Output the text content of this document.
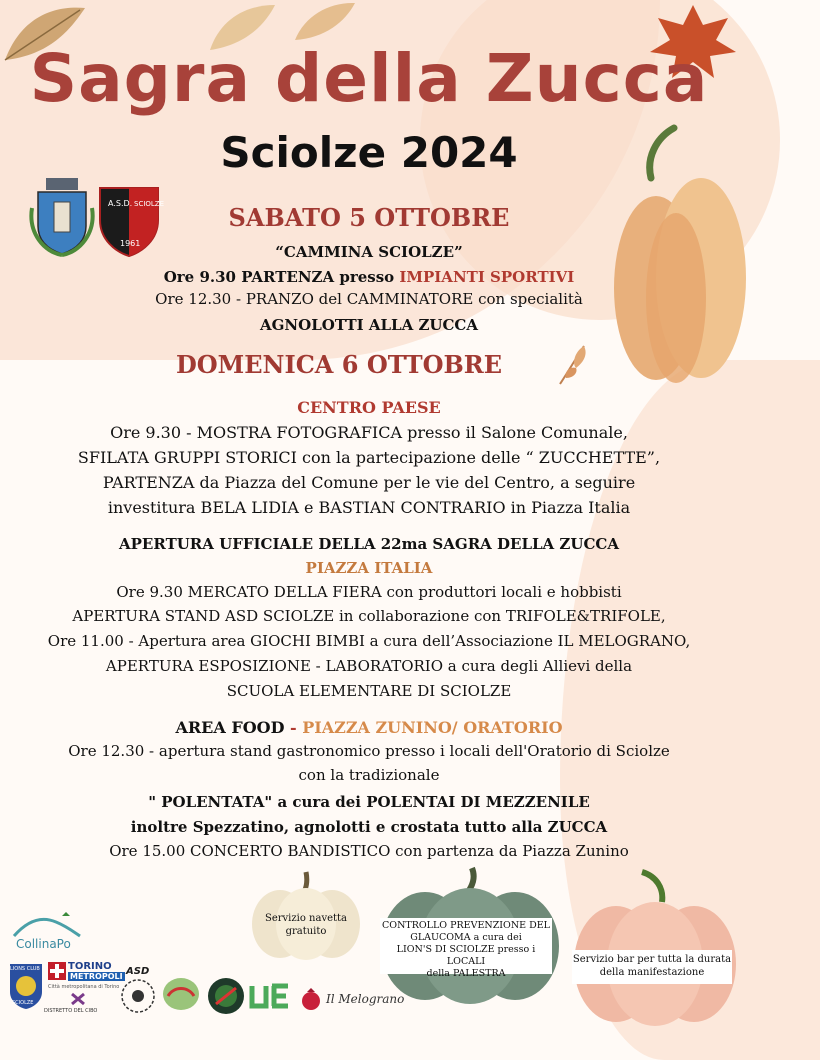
Sagra della Zucca
Sciolze 2024
A.S.D. SCIOLZE
1961
SABATO 5 OTTOBRE
“CAMMINA SCIOLZE”
Ore 9.30 PARTENZA presso IMPIANTI SPORTIVI
Ore 12.30 - PRANZO del CAMMINATORE con specialità
AGNOLOTTI ALLA ZUCCA
DOMENICA 6 OTTOBRE
CENTRO PAESE
Ore 9.30 - MOSTRA FOTOGRAFICA presso il Salone Comunale,
SFILATA GRUPPI STORICI con la partecipazione delle “ ZUCCHETTE”,
PARTENZA da Piazza del Comune per le vie del Centro, a seguire
investitura BELA LIDIA e BASTIAN CONTRARIO in Piazza Italia
APERTURA UFFICIALE DELLA 22ma SAGRA DELLA ZUCCA
PIAZZA ITALIA
Ore 9.30 MERCATO DELLA FIERA con produttori locali e hobbisti
APERTURA STAND ASD SCIOLZE in collaborazione con TRIFOLE&TRIFOLE,
Ore 11.00 - Apertura area GIOCHI BIMBI a cura dell’Associazione IL MELOGRANO,
APERTURA ESPOSIZIONE - LABORATORIO a cura degli Allievi della
SCUOLA ELEMENTARE DI SCIOLZE
AREA FOOD - PIAZZA ZUNINO/ ORATORIO
Ore 12.30 - apertura stand gastronomico presso i locali dell'Oratorio di Sciolze
con la tradizionale
" POLENTATA" a cura dei POLENTAI DI MEZZENILE
inoltre Spezzatino, agnolotti e crostata tutto alla ZUCCA
Ore 15.00 CONCERTO BANDISTICO con partenza da Piazza Zunino
Servizio navetta
gratuito	CONTROLLO PREVENZIONE DEL
GLAUCOMA a cura dei
LION'S DI SCIOLZE presso i LOCALI
della PALESTRA
Servizio bar per tutta la durata
della manifestazione
CollinaPo
LIONS CLUB
SCIOLZE
TORINO
METROPOLI
Città metropolitana di Torino
DISTRETTO DEL CIBO
ASD
Il Melograno
